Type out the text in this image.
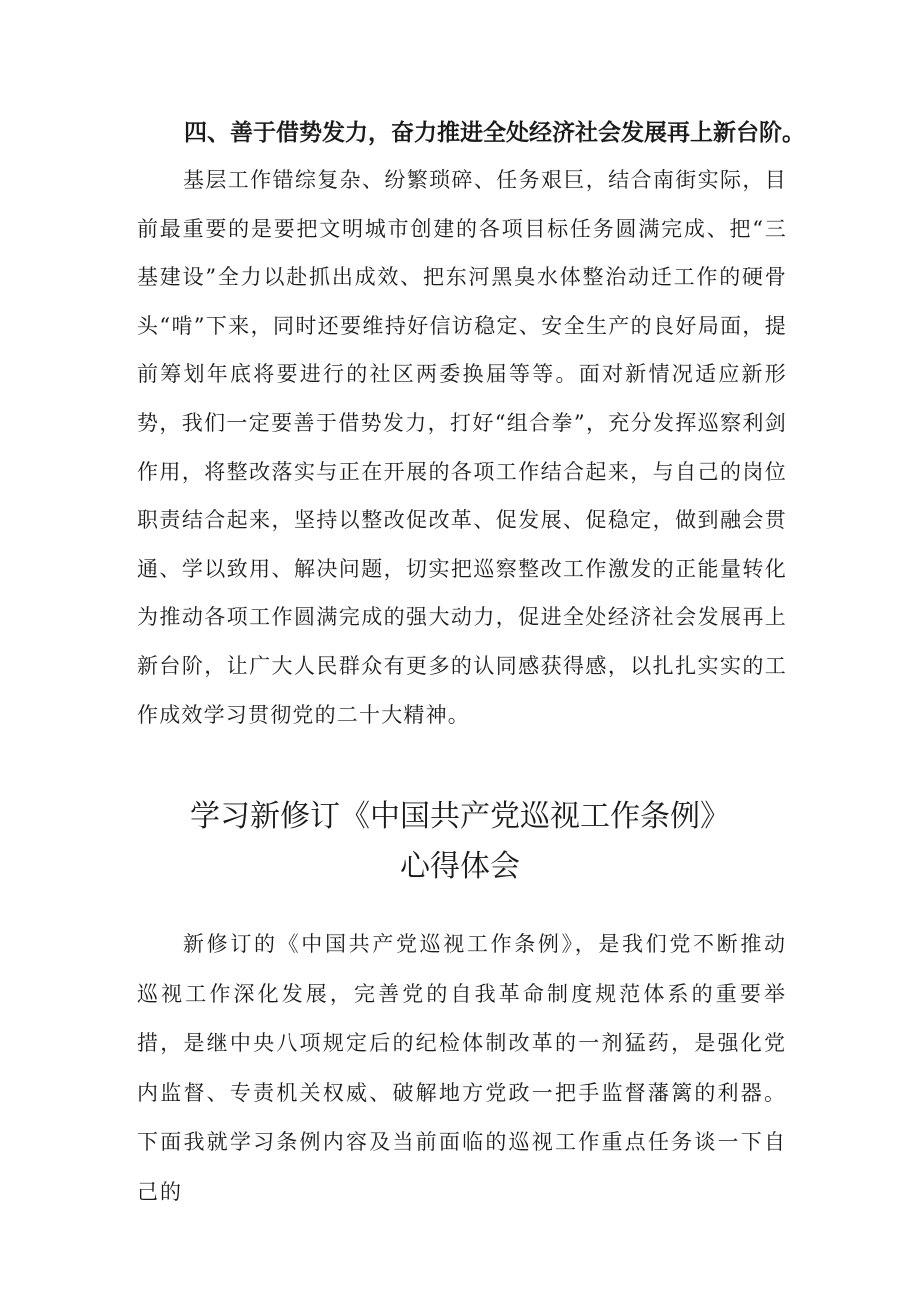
四、善于借势发力，奋力推进全处经济社会发展再上新台阶。

基层工作错综复杂、纷繁琐碎、任务艰巨，结合南街实际，目前最重要的是要把文明城市创建的各项目标任务圆满完成、把“三基建设”全力以赴抓出成效、把东河黑臭水体整治动迁工作的硬骨头“啃”下来，同时还要维持好信访稳定、安全生产的良好局面，提前筹划年底将要进行的社区两委换届等等。面对新情况适应新形势，我们一定要善于借势发力，打好“组合拳”，充分发挥巡察利剑作用，将整改落实与正在开展的各项工作结合起来，与自己的岗位职责结合起来，坚持以整改促改革、促发展、促稳定，做到融会贯通、学以致用、解决问题，切实把巡察整改工作激发的正能量转化为推动各项工作圆满完成的强大动力，促进全处经济社会发展再上新台阶，让广大人民群众有更多的认同感获得感，以扎扎实实的工作成效学习贯彻党的二十大精神。

学习新修订《中国共产党巡视工作条例》
心得体会

新修订的《中国共产党巡视工作条例》，是我们党不断推动巡视工作深化发展，完善党的自我革命制度规范体系的重要举措，是继中央八项规定后的纪检体制改革的一剂猛药，是强化党内监督、专责机关权威、破解地方党政一把手监督藩篱的利器。下面我就学习条例内容及当前面临的巡视工作重点任务谈一下自己的
